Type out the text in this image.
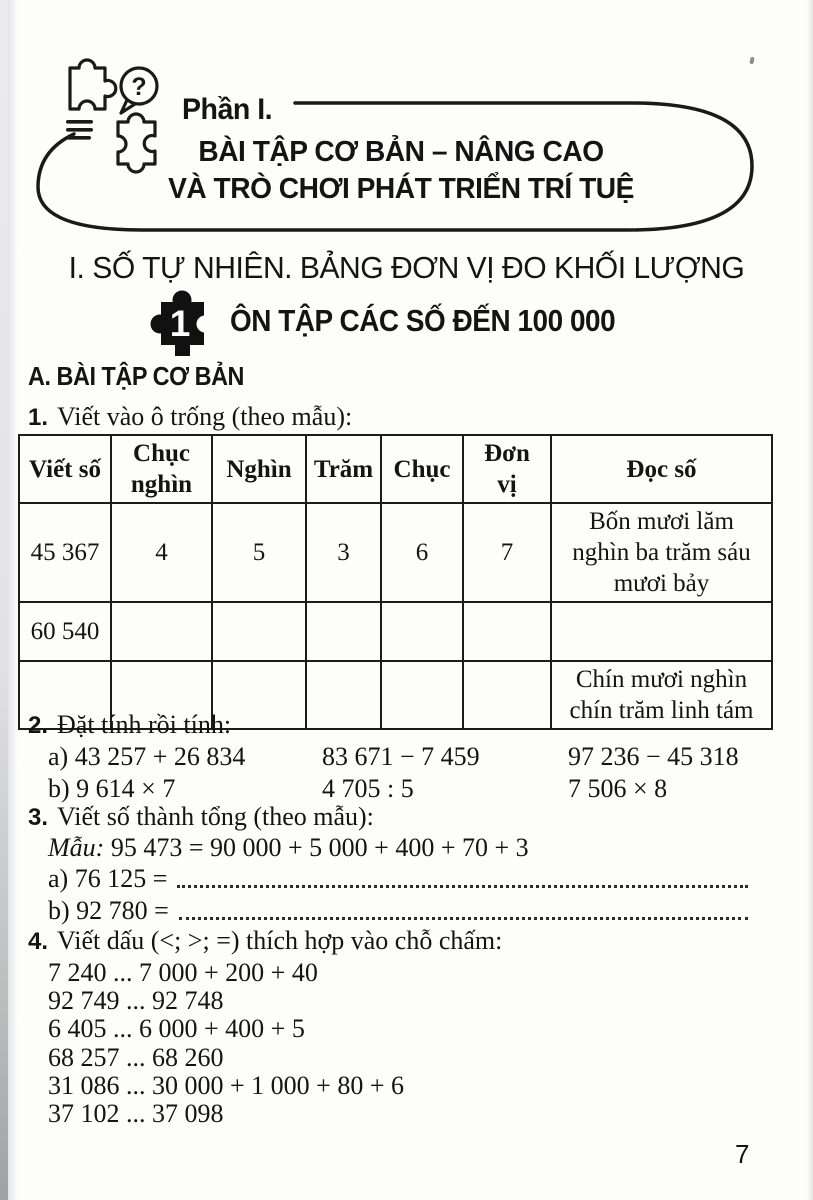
?
Phần I.
BÀI TẬP CƠ BẢN – NÂNG CAO
VÀ TRÒ CHƠI PHÁT TRIỂN TRÍ TUỆ
I. SỐ TỰ NHIÊN. BẢNG ĐƠN VỊ ĐO KHỐI LƯỢNG
1 ÔN TẬP CÁC SỐ ĐẾN 100 000
A. BÀI TẬP CƠ BẢN
1. Viết vào ô trống (theo mẫu):
Viết số	Chục nghìn	Nghìn	Trăm	Chục	Đơn vị	Đọc số
45 367	4	5	3	6	7	Bốn mươi lăm nghìn ba trăm sáu mươi bảy
60 540						
						Chín mươi nghìn chín trăm linh tám
2. Đặt tính rồi tính:
a) 43 257 + 26 834	83 671 − 7 459	97 236 − 45 318
b) 9 614 × 7	4 705 : 5	7 506 × 8
3. Viết số thành tổng (theo mẫu):
Mẫu: 95 473 = 90 000 + 5 000 + 400 + 70 + 3
a) 76 125 =
b) 92 780 =
4. Viết dấu (<; >; =) thích hợp vào chỗ chấm:
7 240 ... 7 000 + 200 + 40
92 749 ... 92 748
6 405 ... 6 000 + 400 + 5
68 257 ... 68 260
31 086 ... 30 000 + 1 000 + 80 + 6
37 102 ... 37 098
7
